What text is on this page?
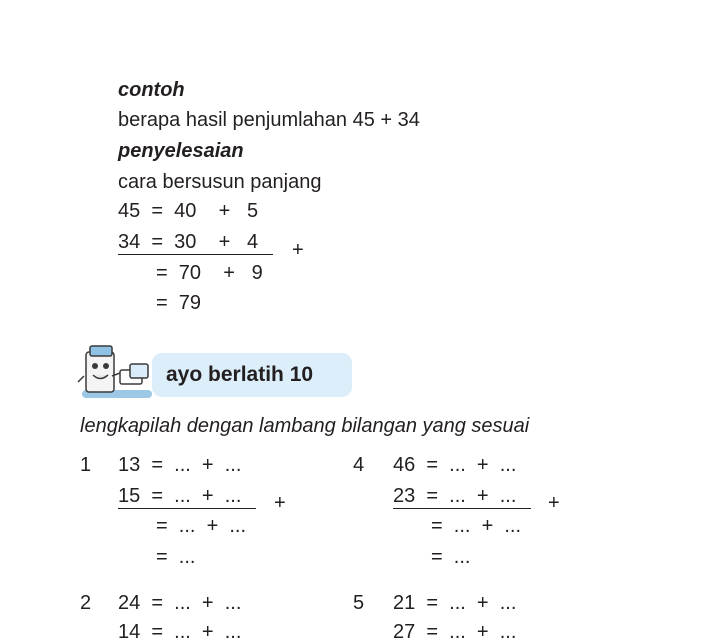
contoh
berapa hasil penjumlahan 45 + 34
penyelesaian
cara bersusun panjang
45  =  40    +   5
34  =  30    +   4	+
=  70    +   9
=  79
ayo berlatih 10
lengkapilah dengan lambang bilangan yang sesuai
1 13  =  ...  +  ...
15  =  ...  +  ...	+
=  ...  +  ...
=  ...
4 46  =  ...  +  ...
23  =  ...  +  ...	+
=  ...  +  ...
=  ...
2 24  =  ...  +  ...
14  =  ...  +  ...
5 21  =  ...  +  ...
27  =  ...  +  ...
